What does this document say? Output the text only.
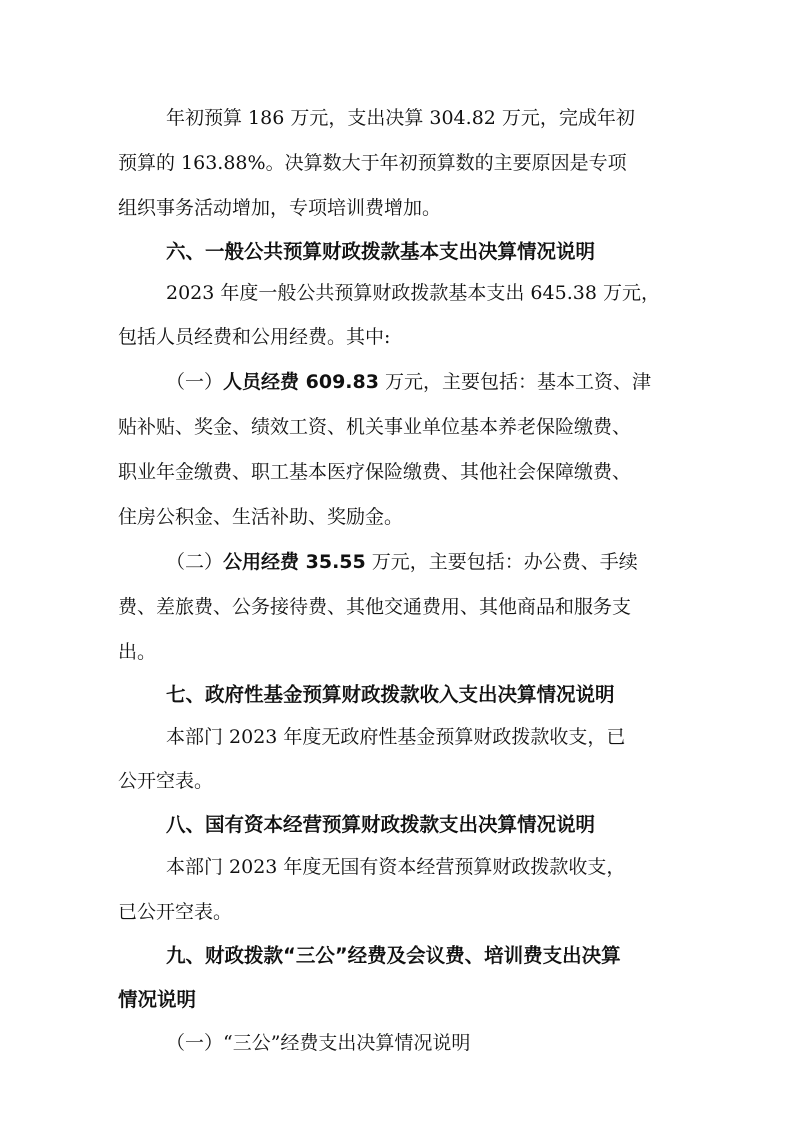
年初预算 186 万元，支出决算 304.82 万元，完成年初
预算的 163.88%。决算数大于年初预算数的主要原因是专项
组织事务活动增加，专项培训费增加。
六、一般公共预算财政拨款基本支出决算情况说明
2023 年度一般公共预算财政拨款基本支出 645.38 万元，
包括人员经费和公用经费。其中:
（一）人员经费 609.83 万元，主要包括：基本工资、津
贴补贴、奖金、绩效工资、机关事业单位基本养老保险缴费、
职业年金缴费、职工基本医疗保险缴费、其他社会保障缴费、
住房公积金、生活补助、奖励金。
（二）公用经费 35.55 万元，主要包括：办公费、手续
费、差旅费、公务接待费、其他交通费用、其他商品和服务支
出。
七、政府性基金预算财政拨款收入支出决算情况说明
本部门 2023 年度无政府性基金预算财政拨款收支，已
公开空表。
八、国有资本经营预算财政拨款支出决算情况说明
本部门 2023 年度无国有资本经营预算财政拨款收支，
已公开空表。
九、财政拨款“三公”经费及会议费、培训费支出决算
情况说明
（一）“三公”经费支出决算情况说明
